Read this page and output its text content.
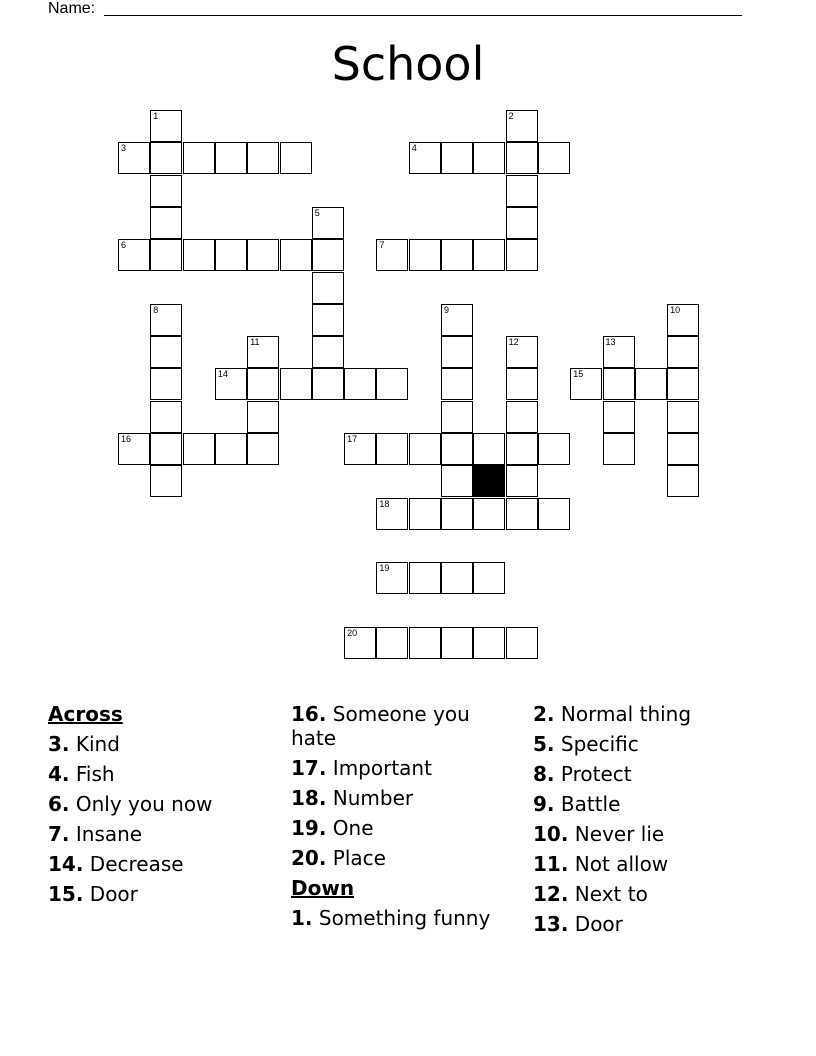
Name:
School
1	2
3	4
5
6	7
8	9	10
11	12	13
14	15
16	17
18
19
20
Across
3. Kind
4. Fish
6. Only you now
7. Insane
14. Decrease
15. Door
16. Someone you hate
17. Important
18. Number
19. One
20. Place
Down
1. Something funny
2. Normal thing
5. Specific
8. Protect
9. Battle
10. Never lie
11. Not allow
12. Next to
13. Door
